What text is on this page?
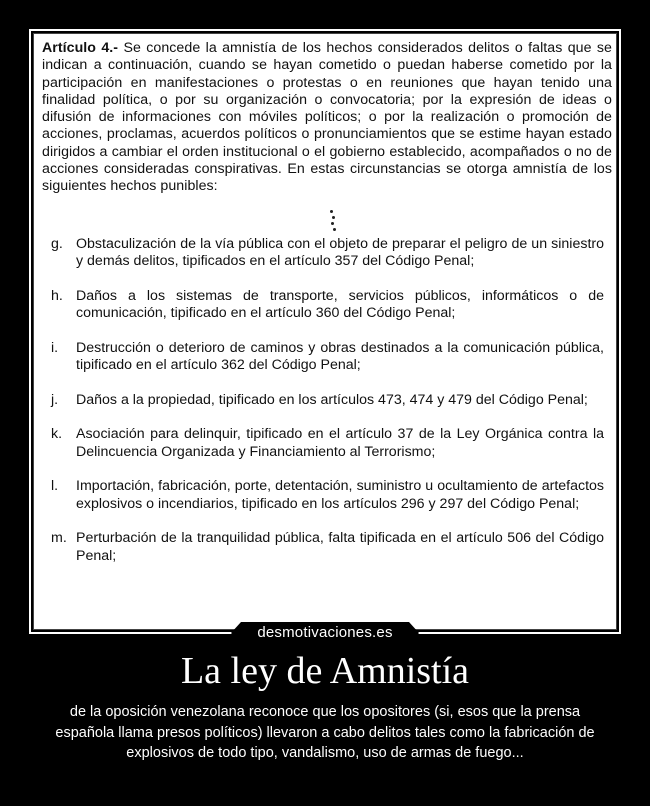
Artículo 4.- Se concede la amnistía de los hechos considerados delitos o faltas que se indican a continuación, cuando se hayan cometido o puedan haberse cometido por la participación en manifestaciones o protestas o en reuniones que hayan tenido una finalidad política, o por su organización o convocatoria; por la expresión de ideas o difusión de informaciones con móviles políticos; o por la realización o promoción de acciones, proclamas, acuerdos políticos o pronunciamientos que se estime hayan estado dirigidos a cambiar el orden institucional o el gobierno establecido, acompañados o no de acciones consideradas conspirativas. En estas circunstancias se otorga amnistía de los siguientes hechos punibles:

g. Obstaculización de la vía pública con el objeto de preparar el peligro de un siniestro y demás delitos, tipificados en el artículo 357 del Código Penal;
h. Daños a los sistemas de transporte, servicios públicos, informáticos o de comunicación, tipificado en el artículo 360 del Código Penal;
i.	Destrucción o deterioro de caminos y obras destinados a la comunicación pública, tipificado en el artículo 362 del Código Penal;
j.	Daños a la propiedad, tipificado en los artículos 473, 474 y 479 del Código Penal;
k. Asociación para delinquir, tipificado en el artículo 37 de la Ley Orgánica contra la Delincuencia Organizada y Financiamiento al Terrorismo;
l.	Importación, fabricación, porte, detentación, suministro u ocultamiento de artefactos explosivos o incendiarios, tipificado en los artículos 296 y 297 del Código Penal;
m. Perturbación de la tranquilidad pública, falta tipificada en el artículo 506 del Código Penal;
desmotivaciones.es
La ley de Amnistía
de la oposición venezolana reconoce que los opositores (si, esos que la prensa española llama presos políticos) llevaron a cabo delitos tales como la fabricación de explosivos de todo tipo, vandalismo, uso de armas de fuego...
